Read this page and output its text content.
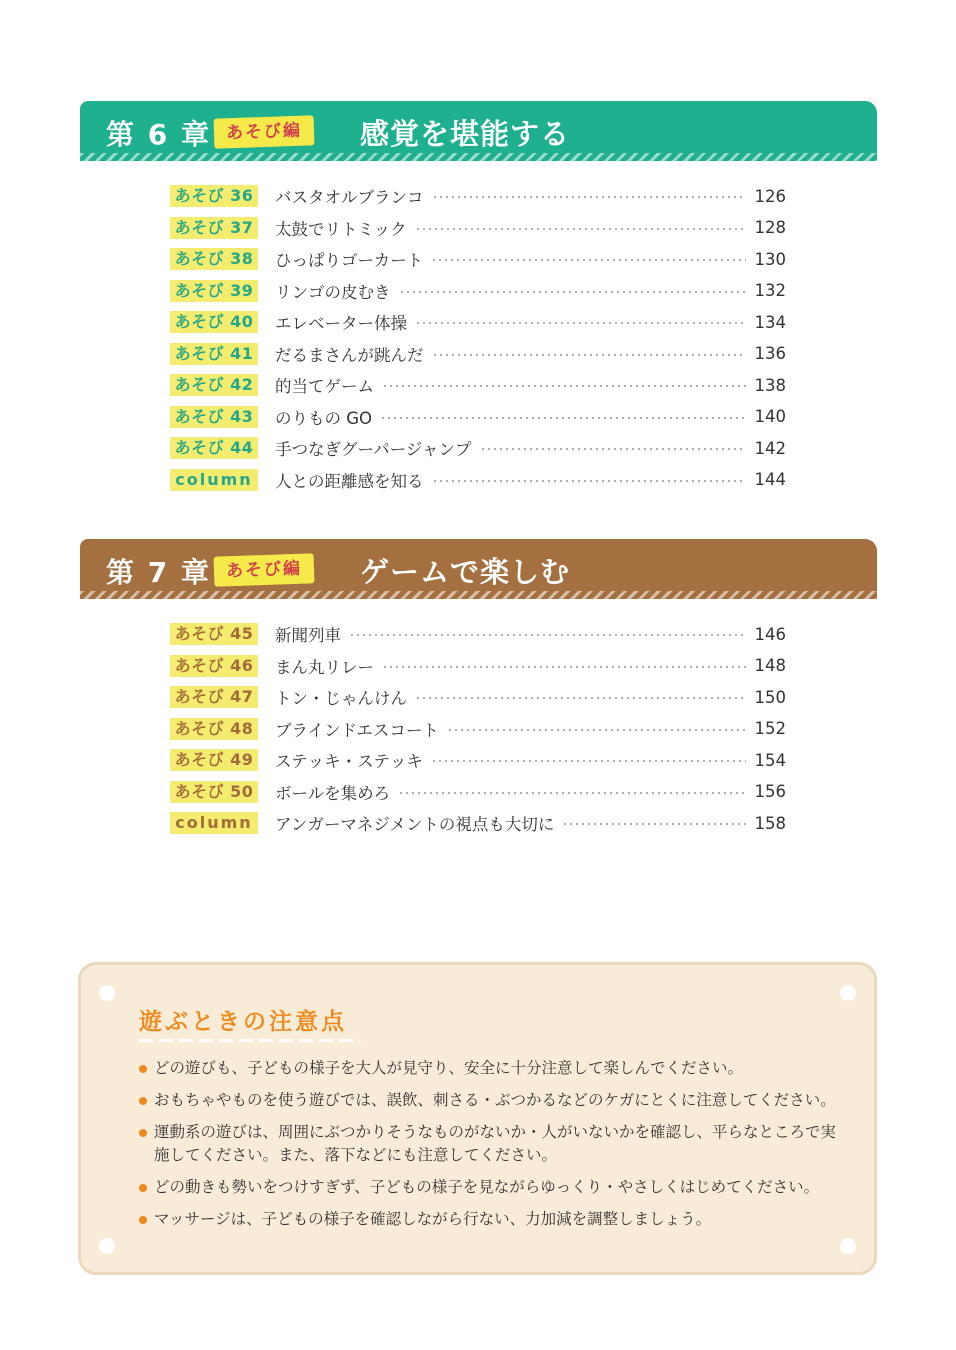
第 6 章 あそび編	感覚を堪能する
あそび 36 バスタオルブランコ	126
あそび 37 太鼓でリトミック	128
あそび 38 ひっぱりゴーカート	130
あそび 39 リンゴの皮むき	132
あそび 40 エレベーター体操	134
あそび 41 だるまさんが跳んだ	136
あそび 42 的当てゲーム	138
あそび 43 のりもの GO	140
あそび 44 手つなぎグーパージャンプ	142
column	人との距離感を知る	144
第 7 章 あそび編	ゲームで楽しむ
あそび 45 新聞列車	146
あそび 46 まん丸リレー	148
あそび 47 トン・じゃんけん	150
あそび 48 ブラインドエスコート	152
あそび 49 ステッキ・ステッキ	154
あそび 50 ボールを集めろ	156
column	アンガーマネジメントの視点も大切に	158
遊ぶときの注意点
どの遊びも、子どもの様子を大人が見守り、安全に十分注意して楽しんでください。
おもちゃやものを使う遊びでは、誤飲、刺さる・ぶつかるなどのケガにとくに注意してください。
運動系の遊びは、周囲にぶつかりそうなものがないか・人がいないかを確認し、平らなところで実施してください。また、落下などにも注意してください。
どの動きも勢いをつけすぎず、子どもの様子を見ながらゆっくり・やさしくはじめてください。
マッサージは、子どもの様子を確認しながら行ない、力加減を調整しましょう。
